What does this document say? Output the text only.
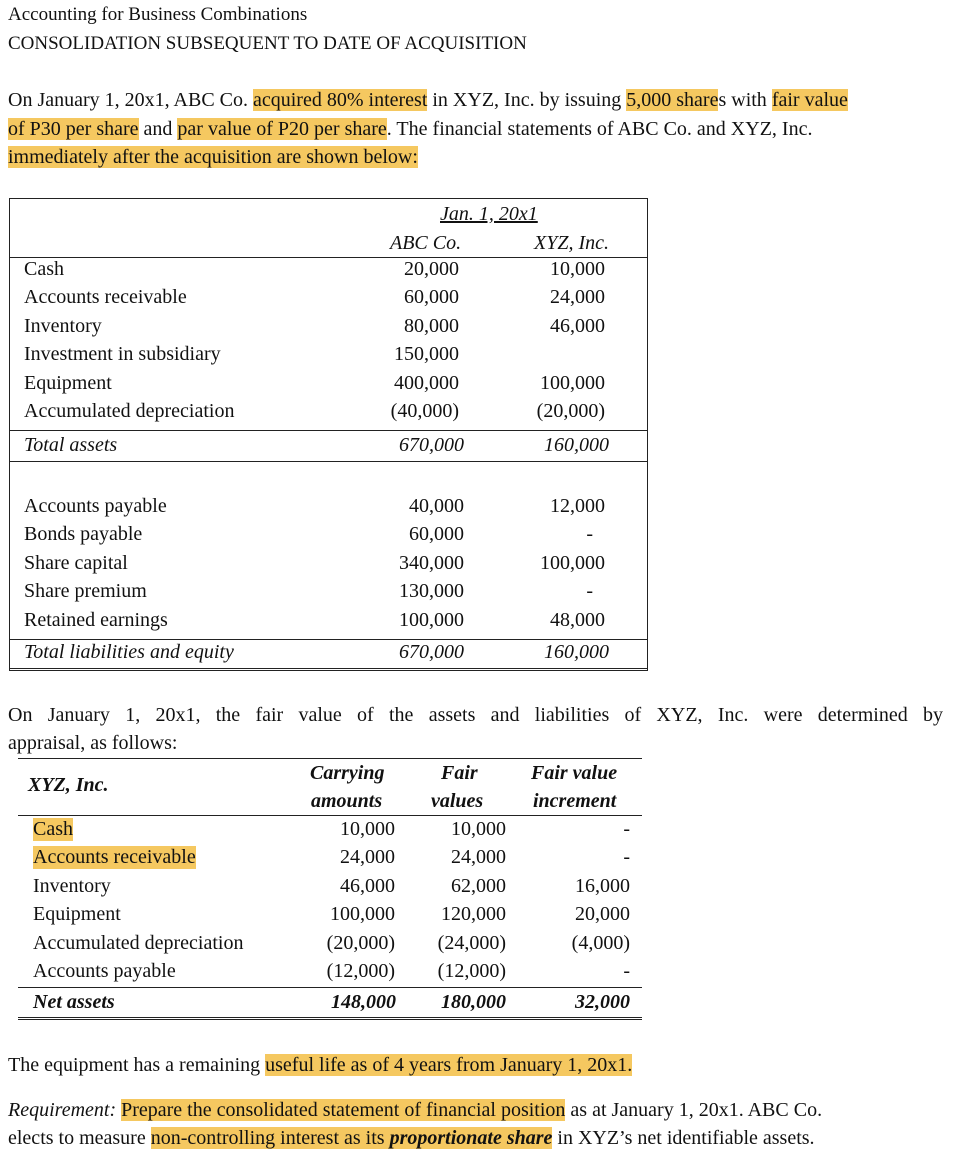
Accounting for Business Combinations
CONSOLIDATION SUBSEQUENT TO DATE OF ACQUISITION
On January 1, 20x1, ABC Co. acquired 80% interest in XYZ, Inc. by issuing 5,000 shares with fair value
of P30 per share and par value of P20 per share. The financial statements of ABC Co. and XYZ, Inc.
immediately after the acquisition are shown below:
Jan. 1, 20x1
ABC Co.	XYZ, Inc.
Cash	20,000	10,000
Accounts receivable	60,000	24,000
Inventory	80,000	46,000
Investment in subsidiary	150,000
Equipment	400,000	100,000
Accumulated depreciation	(40,000)	(20,000)
Total assets	670,000	160,000
Accounts payable	40,000	12,000
Bonds payable	60,000	-
Share capital	340,000	100,000
Share premium	130,000	-
Retained earnings	100,000	48,000
Total liabilities and equity	670,000	160,000
On January 1, 20x1, the fair value of the assets and liabilities of XYZ, Inc. were determined by
appraisal, as follows:
XYZ, Inc.
Carrying
amounts
Fair
values
Fair value
increment
Cash	10,000	10,000	-
Accounts receivable	24,000	24,000	-
Inventory	46,000	62,000	16,000
Equipment	100,000	120,000	20,000
Accumulated depreciation	(20,000)	(24,000)	(4,000)
Accounts payable	(12,000)	(12,000)	-
Net assets	148,000	180,000	32,000
The equipment has a remaining useful life as of 4 years from January 1, 20x1.
Requirement: Prepare the consolidated statement of financial position as at January 1, 20x1. ABC Co.
elects to measure non-controlling interest as its proportionate share in XYZ’s net identifiable assets.
